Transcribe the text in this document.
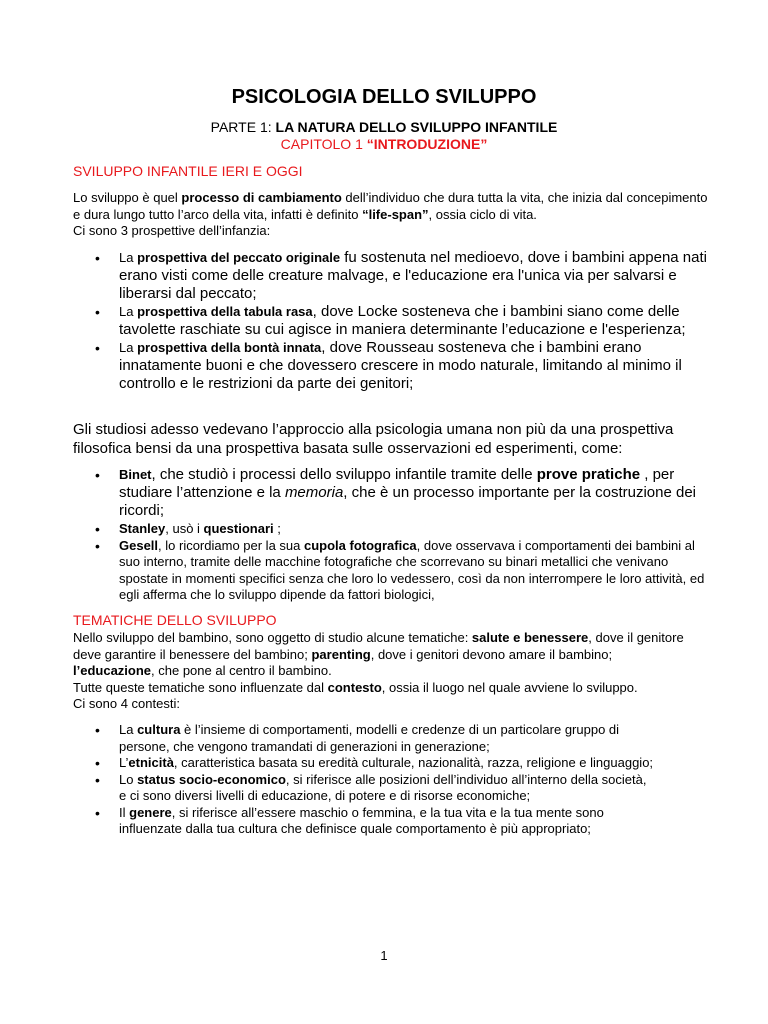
PSICOLOGIA DELLO SVILUPPO
PARTE 1: LA NATURA DELLO SVILUPPO INFANTILE
CAPITOLO 1 “INTRODUZIONE”
SVILUPPO INFANTILE IERI E OGGI
Lo sviluppo è quel processo di cambiamento dell’individuo che dura tutta la vita, che inizia dal concepimento e dura lungo tutto l’arco della vita, infatti è definito “life-span”, ossia ciclo di vita.
Ci sono 3 prospettive dell’infanzia:
• La prospettiva del peccato originale fu sostenuta nel medioevo, dove i bambini appena nati erano visti come delle creature malvage, e l'educazione era l'unica via per salvarsi e liberarsi dal peccato;
• La prospettiva della tabula rasa, dove Locke sosteneva che i bambini siano come delle tavolette raschiate su cui agisce in maniera determinante l’educazione e l'esperienza;
• La prospettiva della bontà innata, dove Rousseau sosteneva che i bambini erano innatamente buoni e che dovessero crescere in modo naturale, limitando al minimo il controllo e le restrizioni da parte dei genitori;
Gli studiosi adesso vedevano l’approccio alla psicologia umana non più da una prospettiva filosofica bensi da una prospettiva basata sulle osservazioni ed esperimenti, come:
• Binet, che studiò i processi dello sviluppo infantile tramite delle prove pratiche , per studiare l’attenzione e la memoria, che è un processo importante per la costruzione dei ricordi;
• Stanley, usò i questionari ;
• Gesell, lo ricordiamo per la sua cupola fotografica, dove osservava i comportamenti dei bambini al suo interno, tramite delle macchine fotografiche che scorrevano su binari metallici che venivano spostate in momenti specifici senza che loro lo vedessero, così da non interrompere le loro attività, ed egli afferma che lo sviluppo dipende da fattori biologici,
TEMATICHE DELLO SVILUPPO
Nello sviluppo del bambino, sono oggetto di studio alcune tematiche: salute e benessere, dove il genitore deve garantire il benessere del bambino; parenting, dove i genitori devono amare il bambino; l’educazione, che pone al centro il bambino.
Tutte queste tematiche sono influenzate dal contesto, ossia il luogo nel quale avviene lo sviluppo.
Ci sono 4 contesti:
• La cultura è l’insieme di comportamenti, modelli e credenze di un particolare gruppo di persone, che vengono tramandati di generazioni in generazione;
• L’etnicità, caratteristica basata su eredità culturale, nazionalità, razza, religione e linguaggio;
• Lo status socio-economico, si riferisce alle posizioni dell’individuo all’interno della società, e ci sono diversi livelli di educazione, di potere e di risorse economiche;
• Il genere, si riferisce all’essere maschio o femmina, e la tua vita e la tua mente sono influenzate dalla tua cultura che definisce quale comportamento è più appropriato;
1
